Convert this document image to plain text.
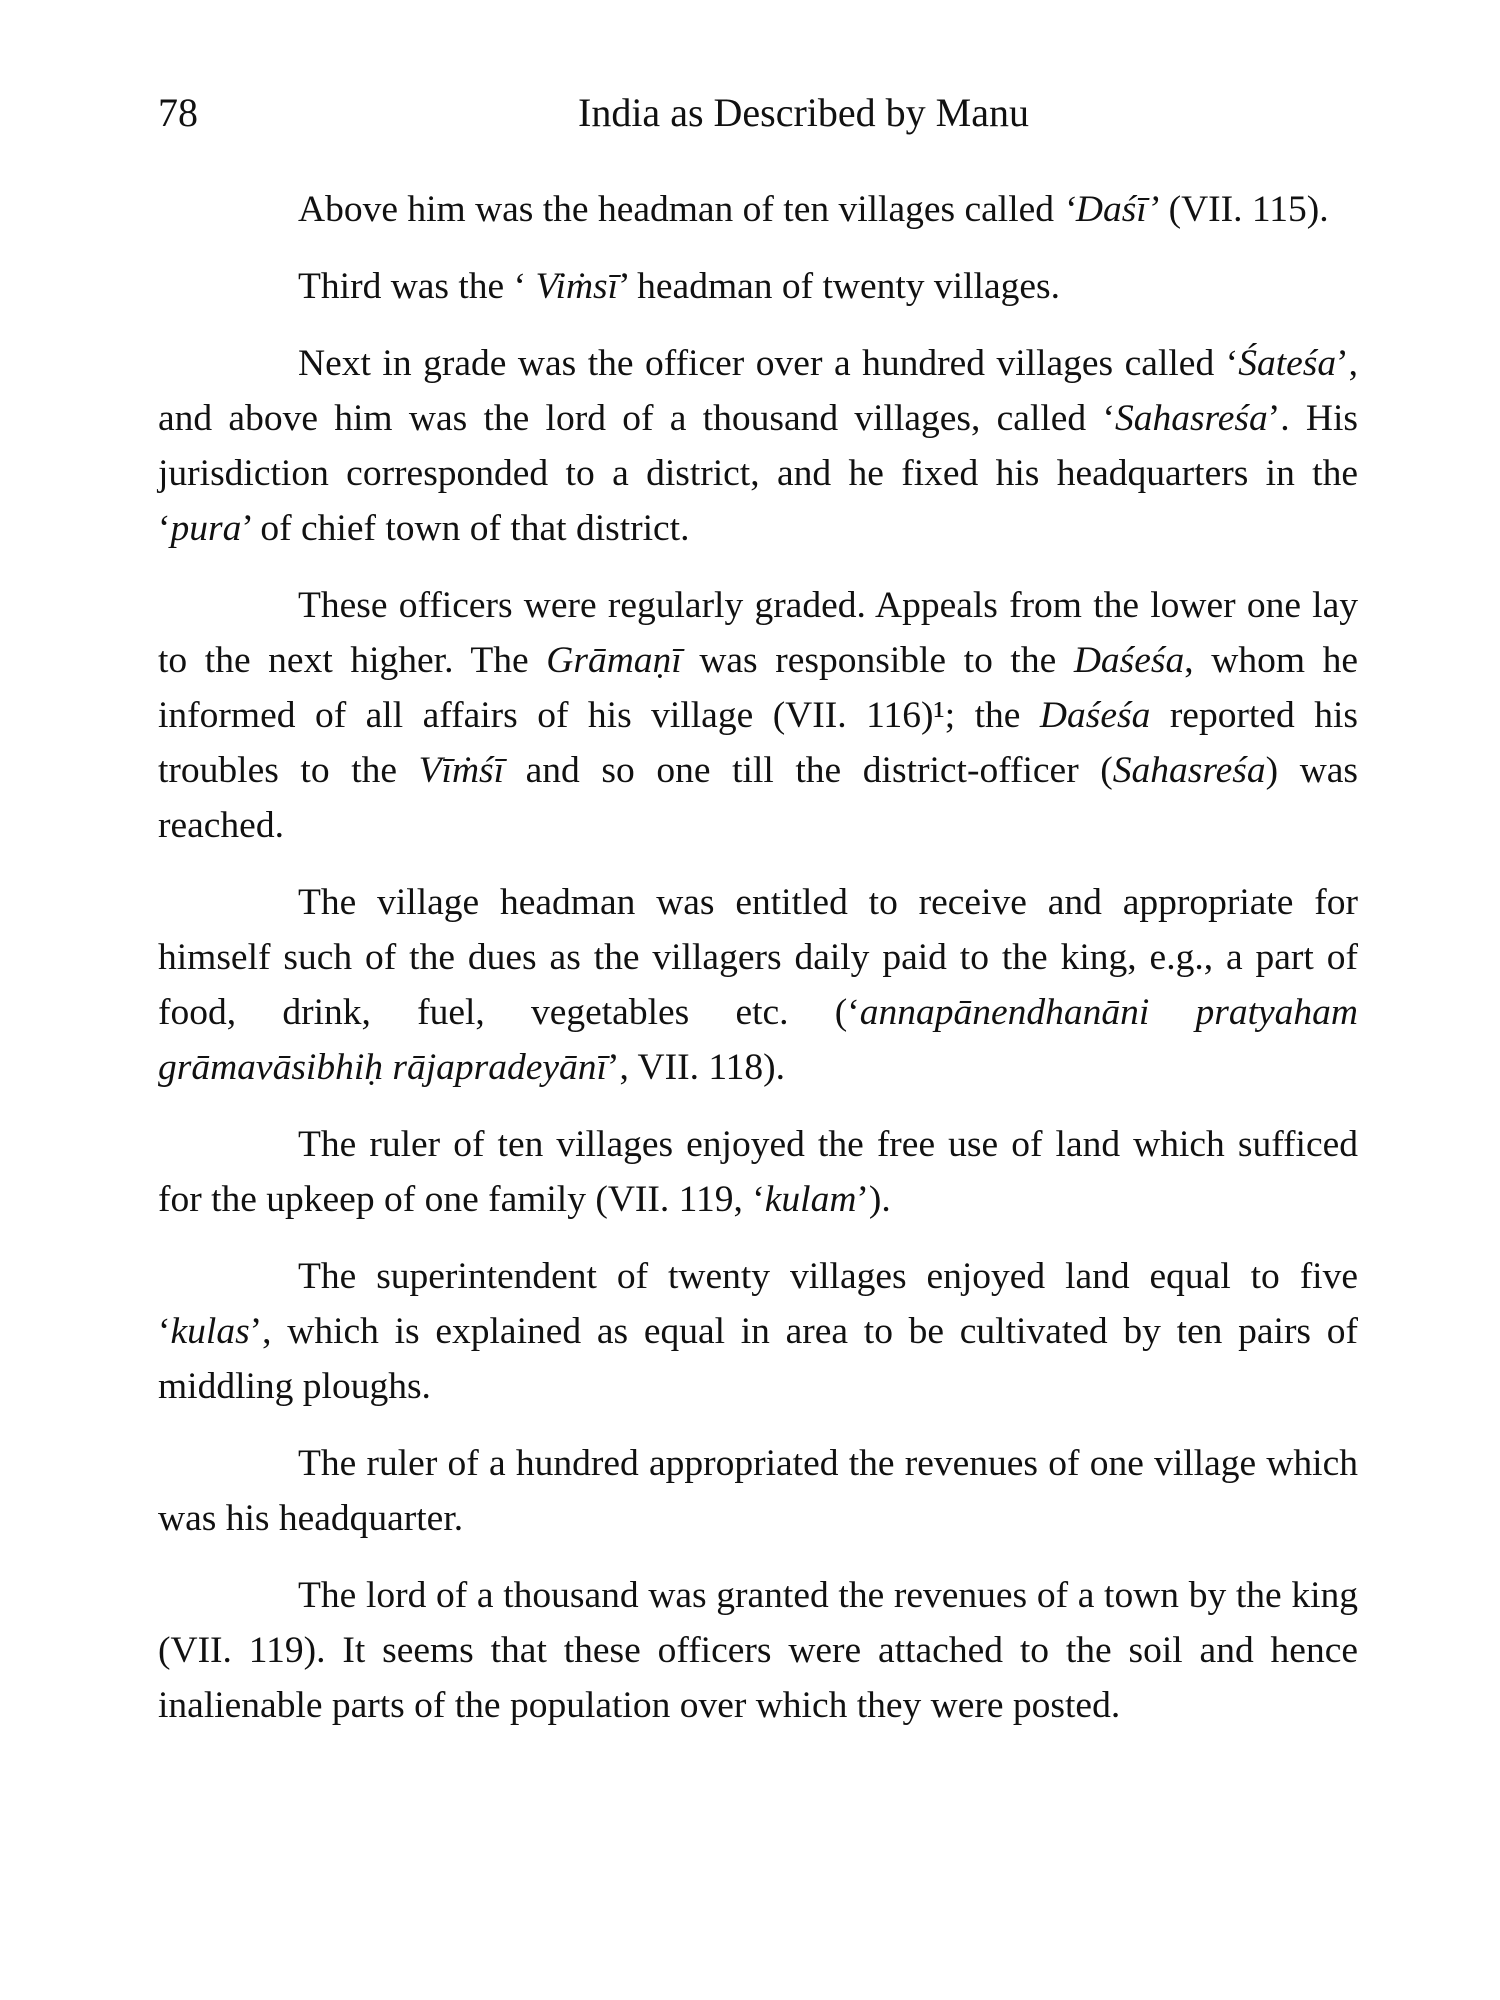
78	India as Described by Manu

Above him was the headman of ten villages called ‘Daśī’ (VII. 115).

Third was the ‘ Viṁsī’ headman of twenty villages.

Next in grade was the officer over a hundred villages called ‘Śateśa’, and above him was the lord of a thousand villages, called ‘Sahasreśa’. His jurisdiction corresponded to a district, and he fixed his headquarters in the ‘pura’ of chief town of that district.

These officers were regularly graded. Appeals from the lower one lay to the next higher. The Grāmaṇī was responsible to the Daśeśa, whom he informed of all affairs of his village (VII. 116)¹; the Daśeśa reported his troubles to the Vīṁśī and so one till the district-officer (Sahasreśa) was reached.

The village headman was entitled to receive and appropriate for himself such of the dues as the villagers daily paid to the king, e.g., a part of food, drink, fuel, vegetables etc. (‘annapānendhanāni pratyaham grāmavāsibhiḥ rājapradeyānī’, VII. 118).

The ruler of ten villages enjoyed the free use of land which sufficed for the upkeep of one family (VII. 119, ‘kulam’).

The superintendent of twenty villages enjoyed land equal to five ‘kulas’, which is explained as equal in area to be cultivated by ten pairs of middling ploughs.

The ruler of a hundred appropriated the revenues of one village which was his headquarter.

The lord of a thousand was granted the revenues of a town by the king (VII. 119). It seems that these officers were attached to the soil and hence inalienable parts of the population over which they were posted.
